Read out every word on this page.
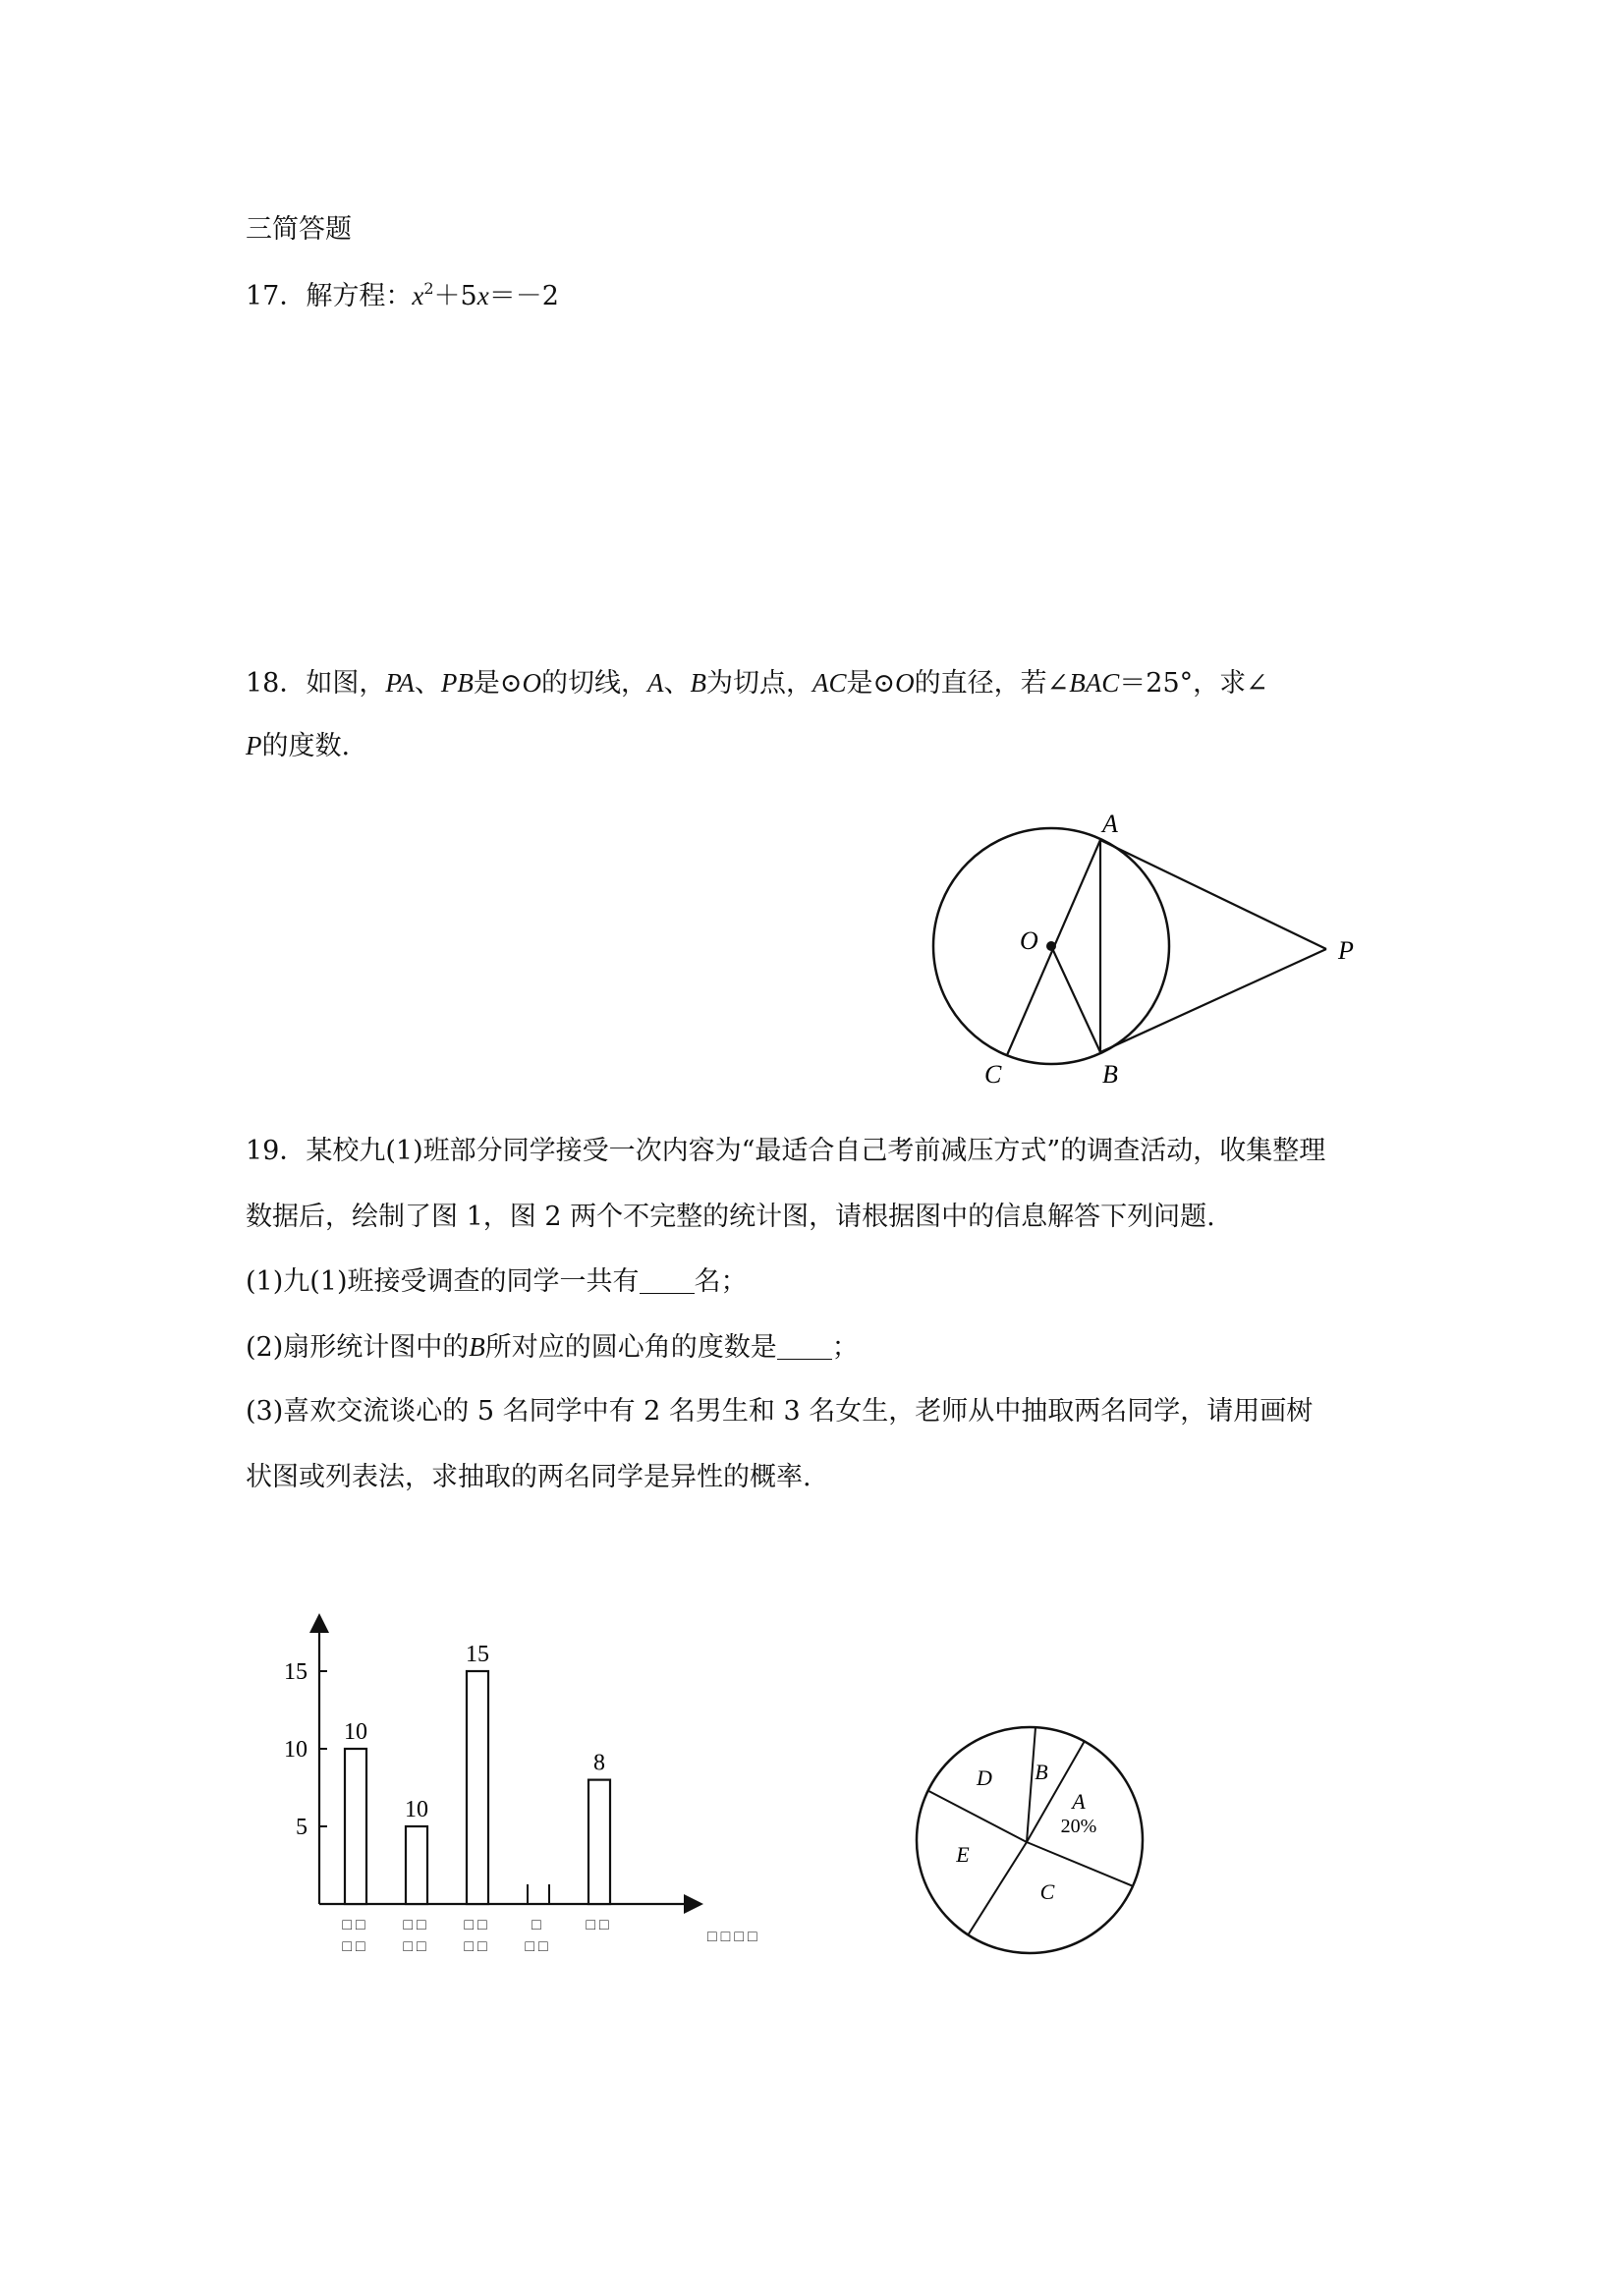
三简答题
17．解方程：$x^2+5x=-2$
18．如图，PA、PB是⊙O的切线，A、B为切点，AC是⊙O的直径，若∠BAC＝25°，求∠
P的度数.
A
O	P
C	B
19．某校九(1)班部分同学接受一次内容为“最适合自己考前减压方式”的调查活动，收集整理
数据后，绘制了图 1，图 2 两个不完整的统计图，请根据图中的信息解答下列问题.
(1)九(1)班接受调查的同学一共有 名；
(2)扇形统计图中的B所对应的圆心角的度数是 ；
(3)喜欢交流谈心的 5 名同学中有 2 名男生和 3 名女生，老师从中抽取两名同学，请用画树
状图或列表法，求抽取的两名同学是异性的概率.
5
10
15
10
□□
□□
10
□□
□□
15
□□
□□
□
□□
8
□□
□□□□
A
20%
B
C
D
E
